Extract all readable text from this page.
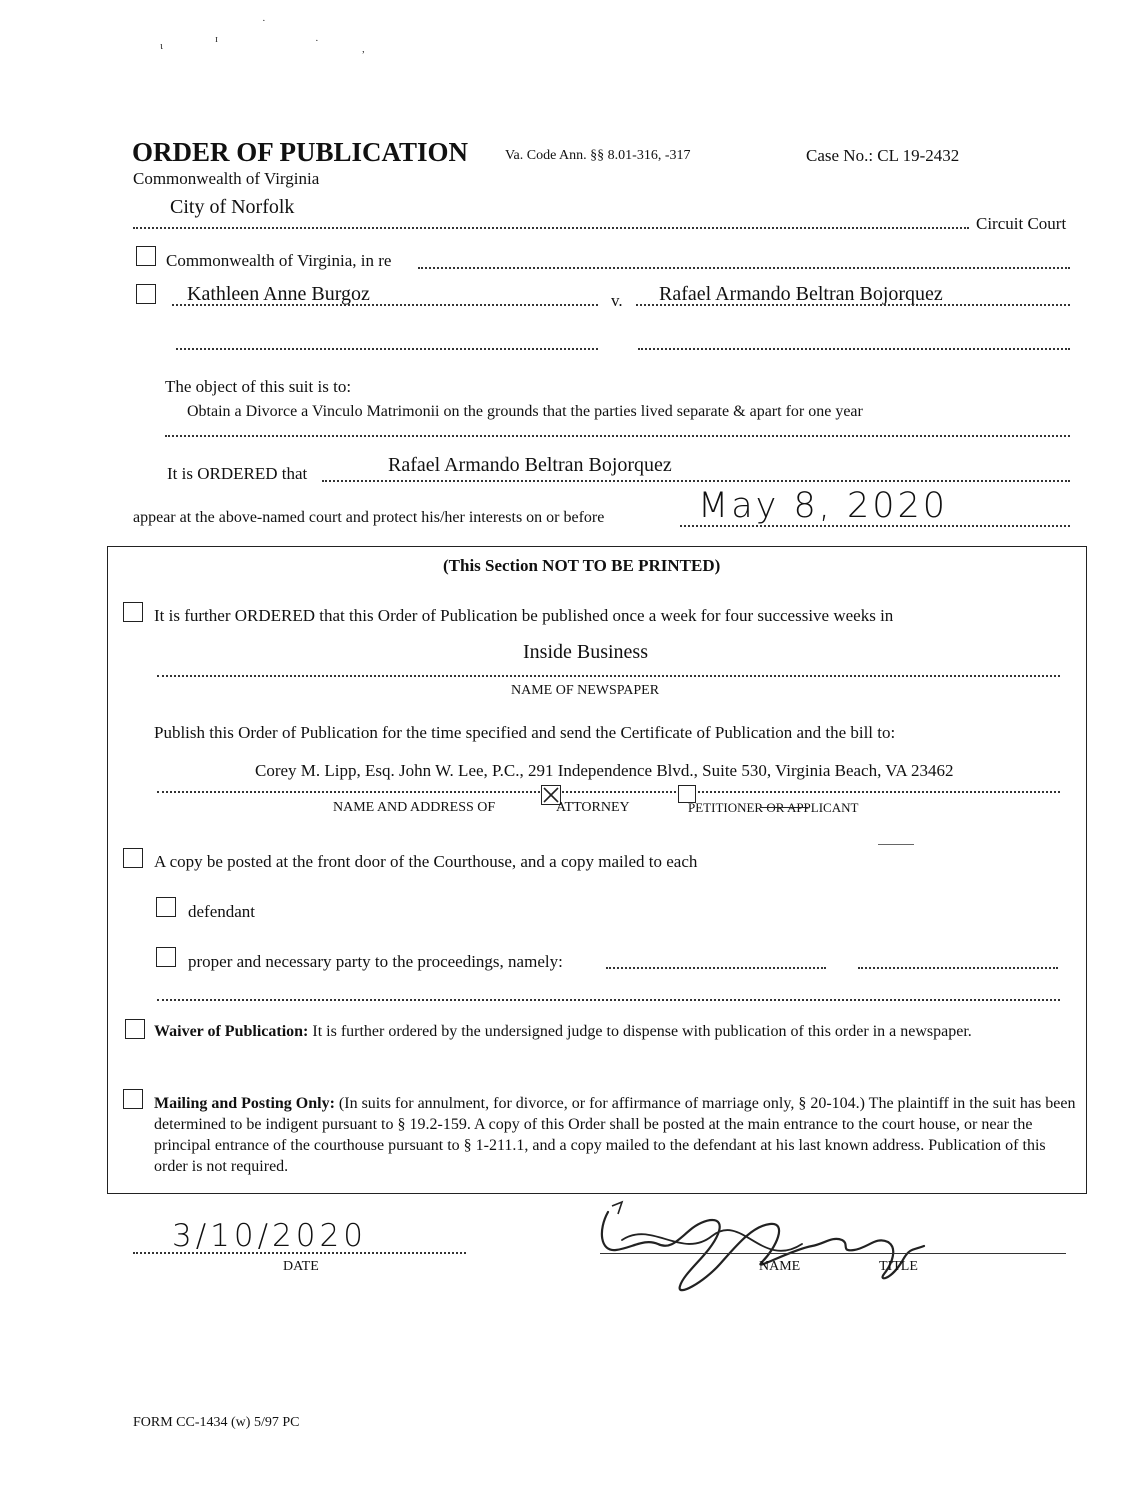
ɩ
ɪ
·
·
,
ORDER OF PUBLICATION	Va. Code Ann. §§ 8.01-316, -317	Case No.: CL 19-2432
Commonwealth of Virginia
City of Norfolk
Circuit Court
Commonwealth of Virginia, in re
Kathleen Anne Burgoz	v. Rafael Armando Beltran Bojorquez
The object of this suit is to:
Obtain a Divorce a Vinculo Matrimonii on the grounds that the parties lived separate & apart for one year
It is ORDERED that	Rafael Armando Beltran Bojorquez
appear at the above-named court and protect his/her interests on or before	May 8, 2020
(This Section NOT TO BE PRINTED)
It is further ORDERED that this Order of Publication be published once a week for four successive weeks in
Inside Business
NAME OF NEWSPAPER
Publish this Order of Publication for the time specified and send the Certificate of Publication and the bill to:
Corey M. Lipp, Esq. John W. Lee, P.C., 291 Independence Blvd., Suite 530, Virginia Beach, VA 23462
NAME AND ADDRESS OF	ATTORNEY	PETITIONER OR APPLICANT
A copy be posted at the front door of the Courthouse, and a copy mailed to each
defendant
proper and necessary party to the proceedings, namely:
Waiver of Publication: It is further ordered by the undersigned judge to dispense with publication of this order in a newspaper.
Mailing and Posting Only: (In suits for annulment, for divorce, or for affirmance of marriage only, § 20-104.) The plaintiff in the suit has been determined to be indigent pursuant to § 19.2-159. A copy of this Order shall be posted at the main entrance to the court house, or near the principal entrance of the courthouse pursuant to § 1-211.1, and a copy mailed to the defendant at his last known address. Publication of this order is not required.
3/10/2020
DATE	NAME	TITLE
FORM CC-1434 (w) 5/97 PC
